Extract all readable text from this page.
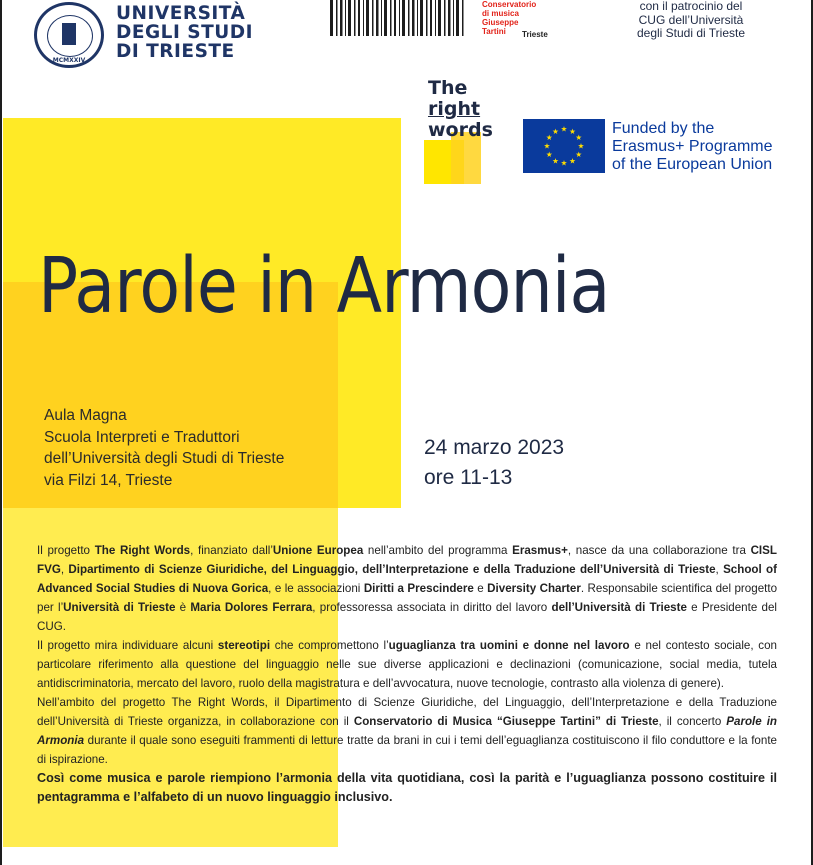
MCMXXIV
UNIVERSITÀ
DEGLI STUDI
DI TRIESTE
Conservatorio
di musica
Giuseppe
Tartini	Trieste
con il patrocinio del
CUG dell’Università
degli Studi di Trieste
The
right
words	★ ★
★
★
★
★
★
★
★
★
★
★	Funded by the
Erasmus+ Programme
of the European Union
Parole in Armonia
Aula Magna
Scuola Interpreti e Traduttori
dell’Università degli Studi di Trieste
via Filzi 14, Trieste
24 marzo 2023
ore 11-13

Il progetto The Right Words, finanziato dall’Unione Europea nell’ambito del programma Erasmus+, nasce da una collaborazione tra CISL FVG, Dipartimento di Scienze Giuridiche, del Linguaggio, dell’Interpretazione e della Traduzione dell’Università di Trieste, School of Advanced Social Studies di Nuova Gorica, e le associazioni Diritti a Prescindere e Diversity Charter. Responsabile scientifica del progetto per l’Università di Trieste è Maria Dolores Ferrara, professoressa associata in diritto del lavoro dell’Università di Trieste e Presidente del CUG.

Il progetto mira individuare alcuni stereotipi che compromettono l’uguaglianza tra uomini e donne nel lavoro e nel contesto sociale, con particolare riferimento alla questione del linguaggio nelle sue diverse applicazioni e declinazioni (comunicazione, social media, tutela antidiscriminatoria, mercato del lavoro, ruolo della magistratura e dell’avvocatura, nuove tecnologie, contrasto alla violenza di genere).

Nell’ambito del progetto The Right Words, il Dipartimento di Scienze Giuridiche, del Linguaggio, dell’Interpretazione e della Traduzione dell’Università di Trieste organizza, in collaborazione con il Conservatorio di Musica “Giuseppe Tartini” di Trieste, il concerto Parole in Armonia durante il quale sono eseguiti frammenti di letture tratte da brani in cui i temi dell’eguaglianza costituiscono il filo conduttore e la fonte di ispirazione.

Così come musica e parole riempiono l’armonia della vita quotidiana, così la parità e l’uguaglianza possono costituire il pentagramma e l’alfabeto di un nuovo linguaggio inclusivo.
